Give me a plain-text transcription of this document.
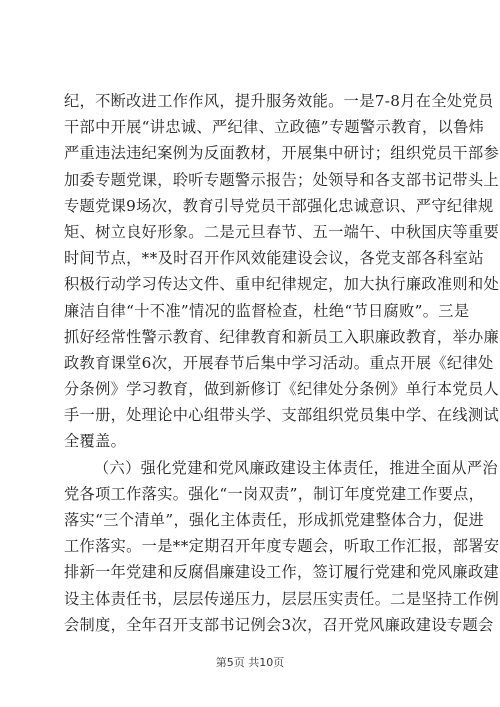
纪，不断改进工作作风，提升服务效能。一是7-8月在全处党员
干部中开展“讲忠诚、严纪律、立政德”专题警示教育，以鲁炜
严重违法违纪案例为反面教材，开展集中研讨；组织党员干部参
加委专题党课，聆听专题警示报告；处领导和各支部书记带头上
专题党课9场次，教育引导党员干部强化忠诚意识、严守纪律规
矩、树立良好形象。二是元旦春节、五一端午、中秋国庆等重要
时间节点，**及时召开作风效能建设会议，各党支部各科室站
积极行动学习传达文件、重申纪律规定，加大执行廉政准则和处
廉洁自律“十不准”情况的监督检查，杜绝“节日腐败”。三是
抓好经常性警示教育、纪律教育和新员工入职廉政教育，举办廉
政教育课堂6次，开展春节后集中学习活动。重点开展《纪律处
分条例》学习教育，做到新修订《纪律处分条例》单行本党员人
手一册，处理论中心组带头学、支部组织党员集中学、在线测试
全覆盖。
（六）强化党建和党风廉政建设主体责任，推进全面从严治
党各项工作落实。强化“一岗双责”，制订年度党建工作要点，
落实“三个清单”，强化主体责任，形成抓党建整体合力，促进
工作落实。一是**定期召开年度专题会，听取工作汇报，部署安
排新一年党建和反腐倡廉建设工作，签订履行党建和党风廉政建
设主体责任书，层层传递压力，层层压实责任。二是坚持工作例
会制度，全年召开支部书记例会3次，召开党风廉政建设专题会
第5页 共10页
